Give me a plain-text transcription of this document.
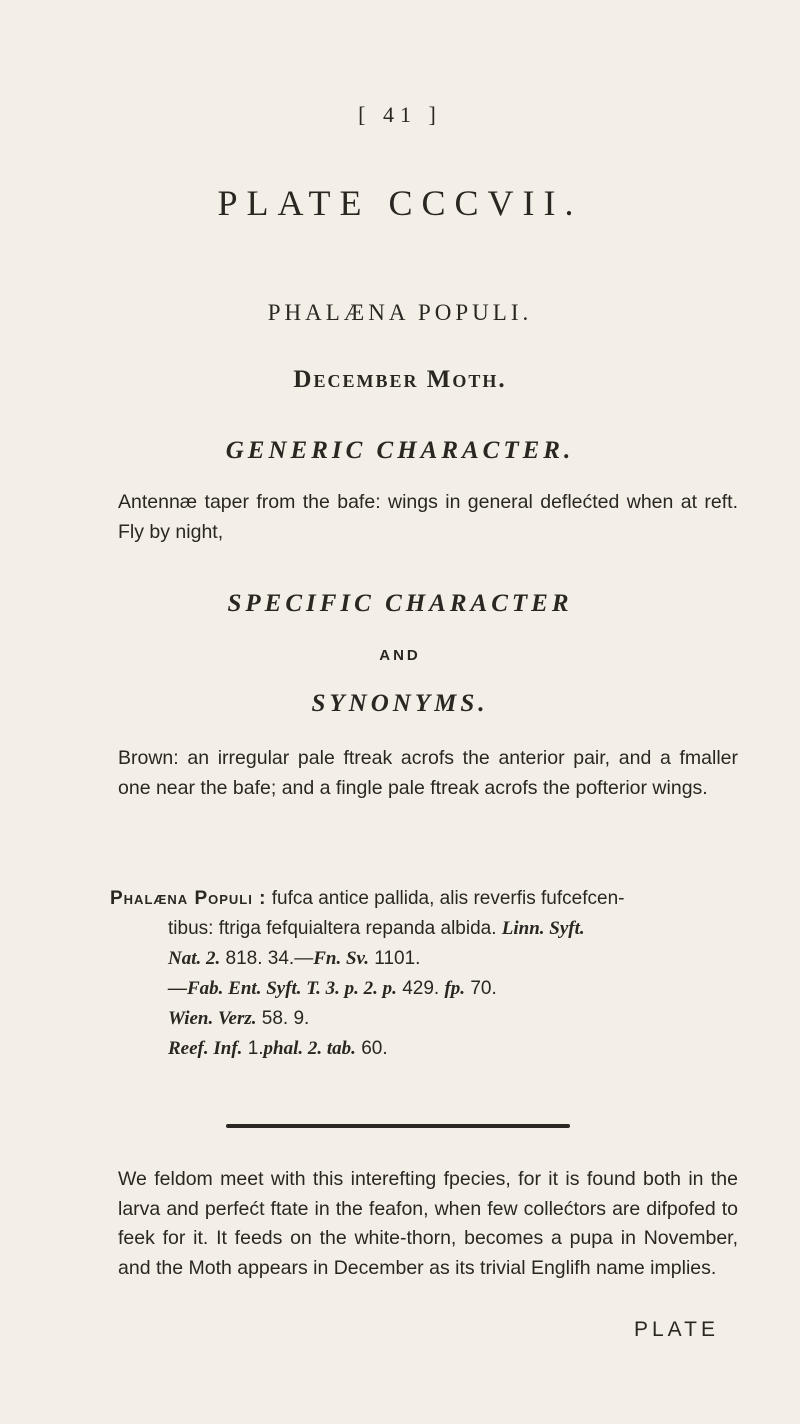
[ 41 ]
PLATE CCCVII.
PHALÆNA POPULI.
December Moth.
GENERIC CHARACTER.
Antennæ taper from the bafe: wings in general deflećted when at reft. Fly by night,
SPECIFIC CHARACTER
AND
SYNONYMS.
Brown: an irregular pale ftreak acrofs the anterior pair, and a fmaller one near the bafe; and a fingle pale ftreak acrofs the pofterior wings.
Phalæna Populi : fufca antice pallida, alis reverfis fufcefcen-
tibus: ftriga fefquialtera repanda albida. Linn. Syft.
Nat. 2. 818. 34.—Fn. Sv. 1101.
—Fab. Ent. Syft. T. 3. p. 2. p. 429. fp. 70.
Wien. Verz. 58. 9.
Reef. Inf. 1.phal. 2. tab. 60.
We feldom meet with this interefting fpecies, for it is found both in the larva and perfećt ftate in the feafon, when few collećtors are difpofed to feek for it. It feeds on the white-thorn, becomes a pupa in November, and the Moth appears in December as its trivial Englifh name implies.
PLATE
